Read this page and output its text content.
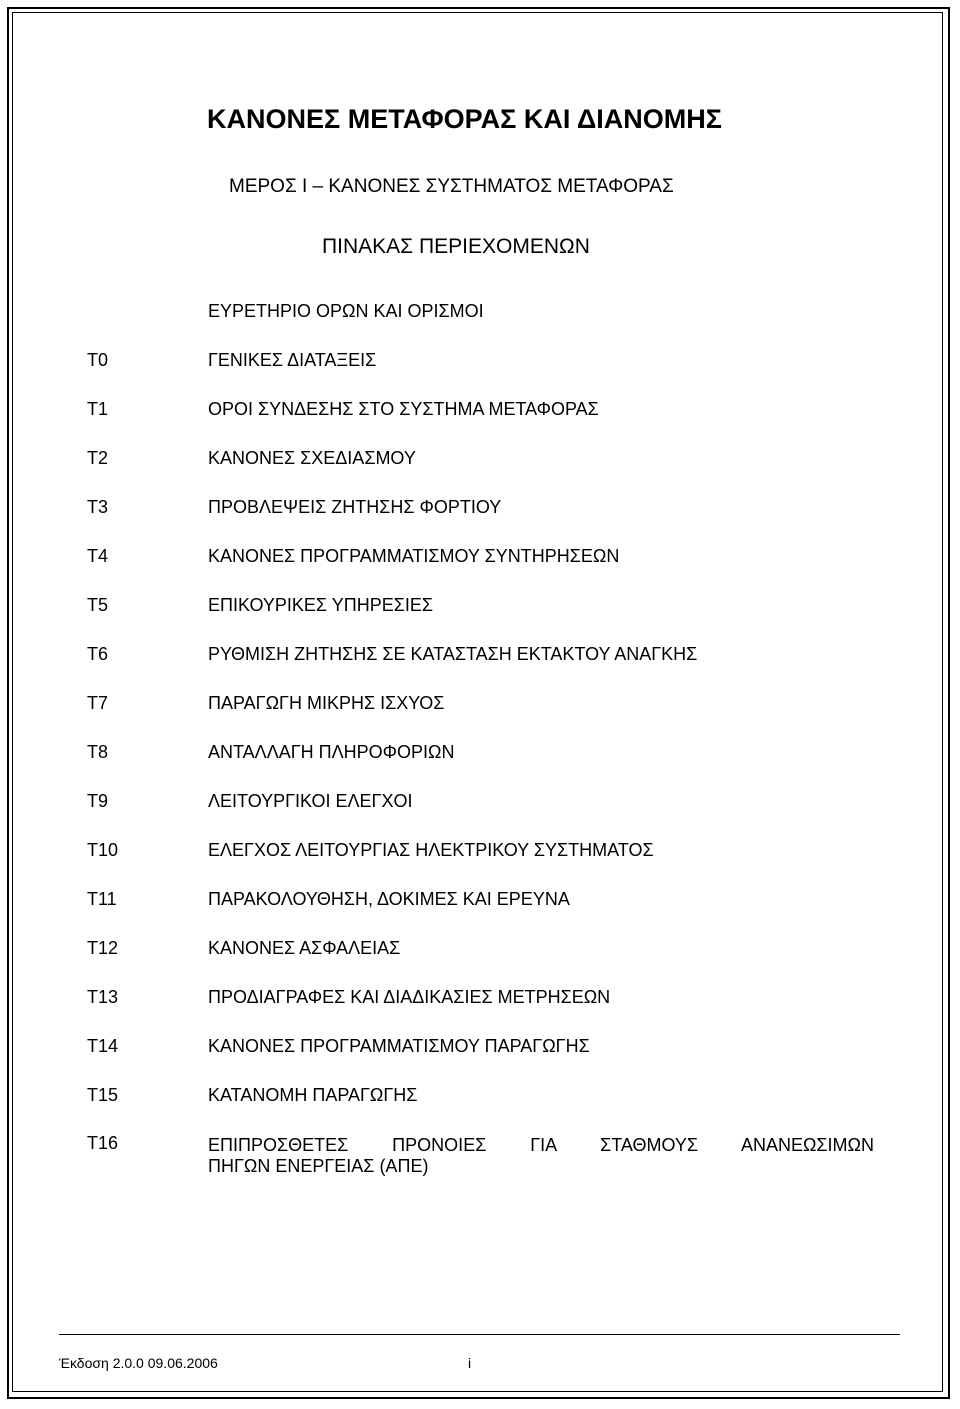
ΚΑΝΟΝΕΣ ΜΕΤΑΦΟΡΑΣ ΚΑΙ ΔΙΑΝΟΜΗΣ
ΜΕΡΟΣ Ι – ΚΑΝΟΝΕΣ ΣΥΣΤΗΜΑΤΟΣ ΜΕΤΑΦΟΡΑΣ
ΠΙΝΑΚΑΣ ΠΕΡΙΕΧΟΜΕΝΩΝ
ΕΥΡΕΤΗΡΙΟ ΟΡΩΝ ΚΑΙ ΟΡΙΣΜΟΙ
Τ0	ΓΕΝΙΚΕΣ ΔΙΑΤΑΞΕΙΣ
Τ1	ΟΡΟΙ ΣΥΝΔΕΣΗΣ ΣΤΟ ΣΥΣΤΗΜΑ ΜΕΤΑΦΟΡΑΣ
Τ2	ΚΑΝΟΝΕΣ ΣΧΕΔΙΑΣΜΟΥ
Τ3	ΠΡΟΒΛΕΨΕΙΣ ΖΗΤΗΣΗΣ ΦΟΡΤΙΟΥ
Τ4	ΚΑΝΟΝΕΣ ΠΡΟΓΡΑΜΜΑΤΙΣΜΟΥ ΣΥΝΤΗΡΗΣΕΩΝ
Τ5	ΕΠΙΚΟΥΡΙΚΕΣ ΥΠΗΡΕΣΙΕΣ
Τ6	ΡΥΘΜΙΣΗ ΖΗΤΗΣΗΣ ΣΕ ΚΑΤΑΣΤΑΣΗ ΕΚΤΑΚΤΟΥ ΑΝΑΓΚΗΣ
Τ7	ΠΑΡΑΓΩΓΗ ΜΙΚΡΗΣ ΙΣΧΥΟΣ
Τ8	ΑΝΤΑΛΛΑΓΗ ΠΛΗΡΟΦΟΡΙΩΝ
Τ9	ΛΕΙΤΟΥΡΓΙΚΟΙ ΕΛΕΓΧΟΙ
Τ10	ΕΛΕΓΧΟΣ ΛΕΙΤΟΥΡΓΙΑΣ ΗΛΕΚΤΡΙΚΟΥ ΣΥΣΤΗΜΑΤΟΣ
Τ11	ΠΑΡΑΚΟΛΟΥΘΗΣΗ, ΔΟΚΙΜΕΣ ΚΑΙ ΕΡΕΥΝΑ
Τ12	ΚΑΝΟΝΕΣ ΑΣΦΑΛΕΙΑΣ
Τ13	ΠΡΟΔΙΑΓΡΑΦΕΣ ΚΑΙ ΔΙΑΔΙΚΑΣΙΕΣ ΜΕΤΡΗΣΕΩΝ
Τ14	ΚΑΝΟΝΕΣ ΠΡΟΓΡΑΜΜΑΤΙΣΜΟΥ ΠΑΡΑΓΩΓΗΣ
Τ15	ΚΑΤΑΝΟΜΗ ΠΑΡΑΓΩΓΗΣ
Τ16	ΕΠΙΠΡΟΣΘΕΤΕΣ ΠΡΟΝΟΙΕΣ ΓΙΑ ΣΤΑΘΜΟΥΣ ΑΝΑΝΕΩΣΙΜΩΝ
ΠΗΓΩΝ ΕΝΕΡΓΕΙΑΣ (ΑΠΕ)
Έκδοση 2.0.0 09.06.2006	i
